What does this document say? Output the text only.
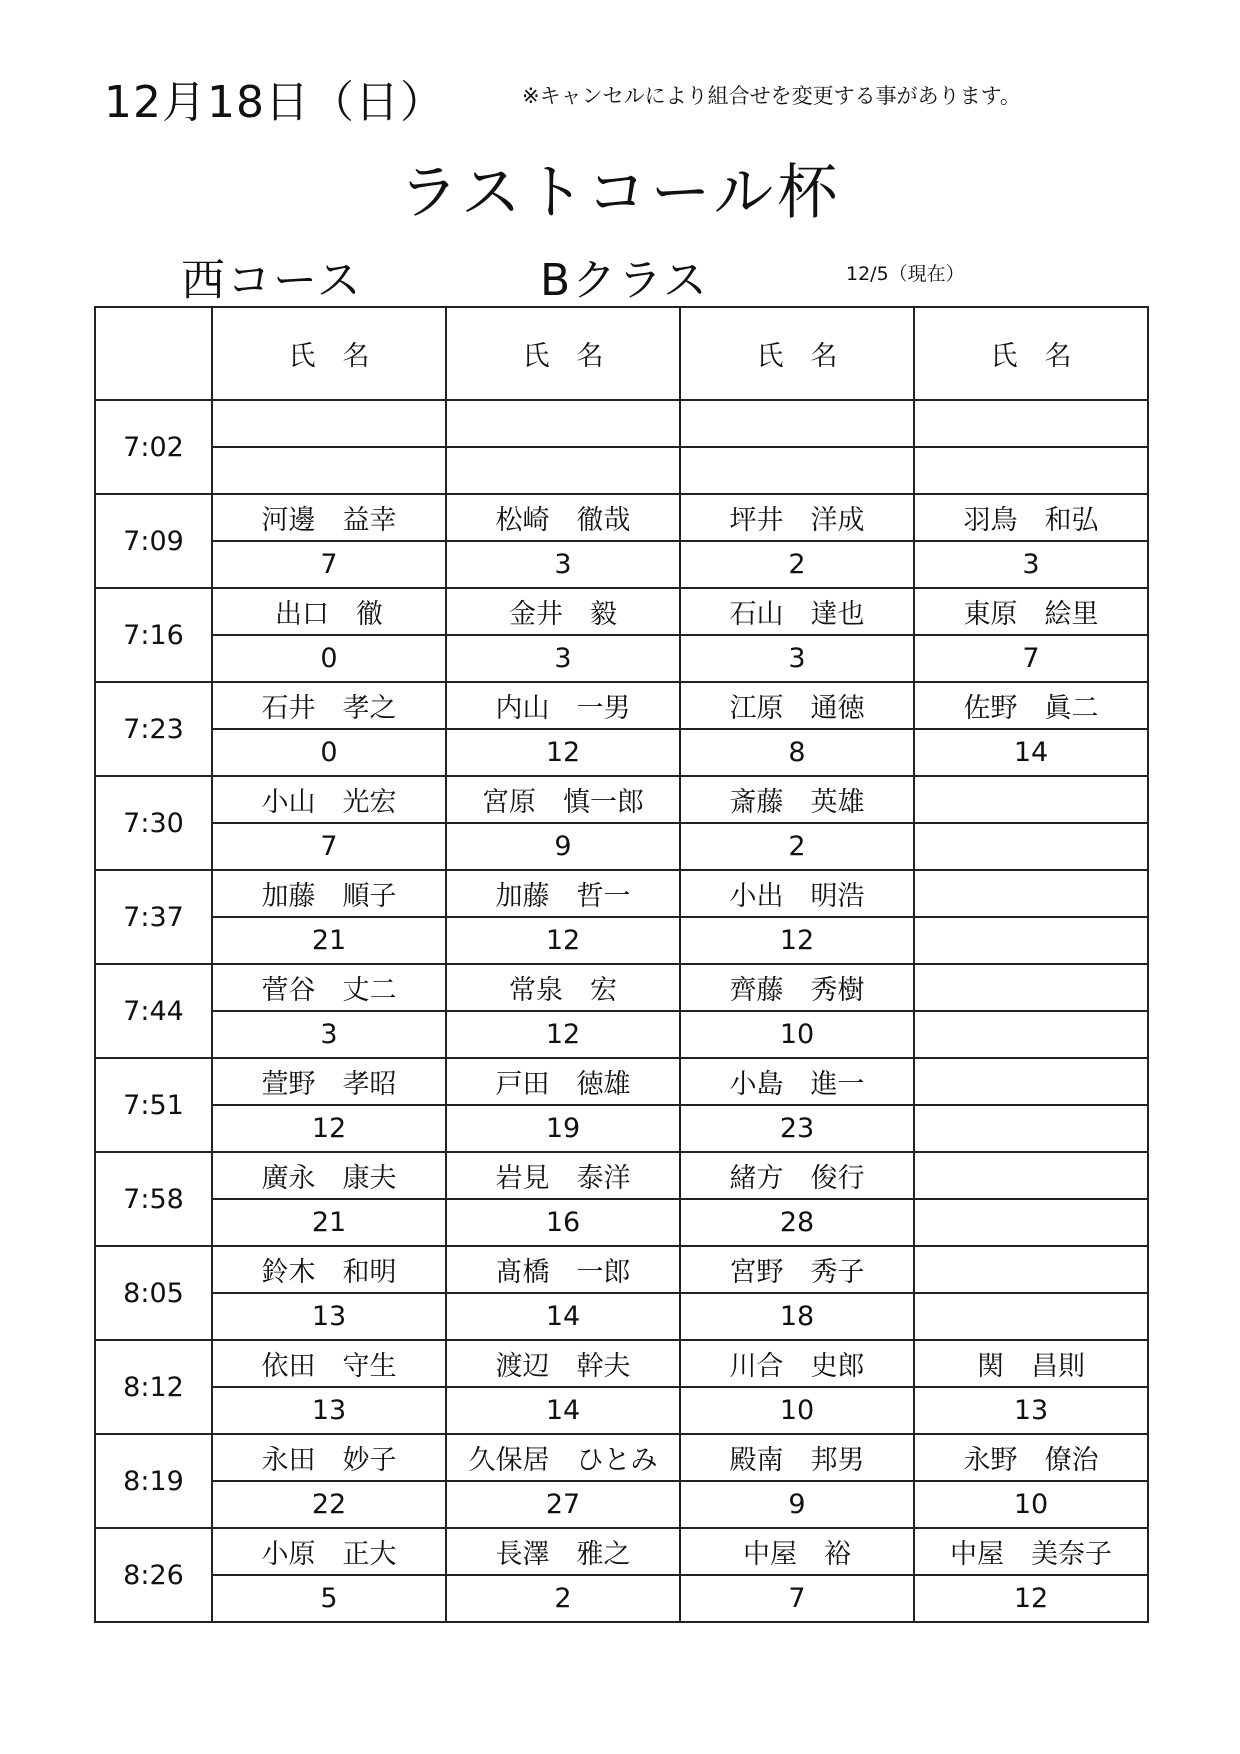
12月18日（日）	※キャンセルにより組合せを変更する事があります。
ラストコール杯
西コース	Bクラス	12/5（現在）
	氏　名	氏　名	氏　名	氏　名
7:02				

7:09	河邊　益幸	松崎　徹哉	坪井　洋成	羽鳥　和弘
	7	3	2	3
7:16	出口　徹	金井　毅	石山　達也	東原　絵里
	0	3	3	7
7:23	石井　孝之	内山　一男	江原　通徳	佐野　眞二
	0	12	8	14
7:30	小山　光宏	宮原　慎一郎	斎藤　英雄	
	7	9	2	
7:37	加藤　順子	加藤　哲一	小出　明浩	
	21	12	12	
7:44	菅谷　丈二	常泉　宏	齊藤　秀樹	
	3	12	10	
7:51	萱野　孝昭	戸田　徳雄	小島　進一	
	12	19	23	
7:58	廣永　康夫	岩見　泰洋	緒方　俊行	
	21	16	28	
8:05	鈴木　和明	髙橋　一郎	宮野　秀子	
	13	14	18	
8:12	依田　守生	渡辺　幹夫	川合　史郎	関　昌則
	13	14	10	13
8:19	永田　妙子	久保居　ひとみ	殿南　邦男	永野　僚治
	22	27	9	10
8:26	小原　正大	長澤　雅之	中屋　裕	中屋　美奈子
	5	2	7	12
